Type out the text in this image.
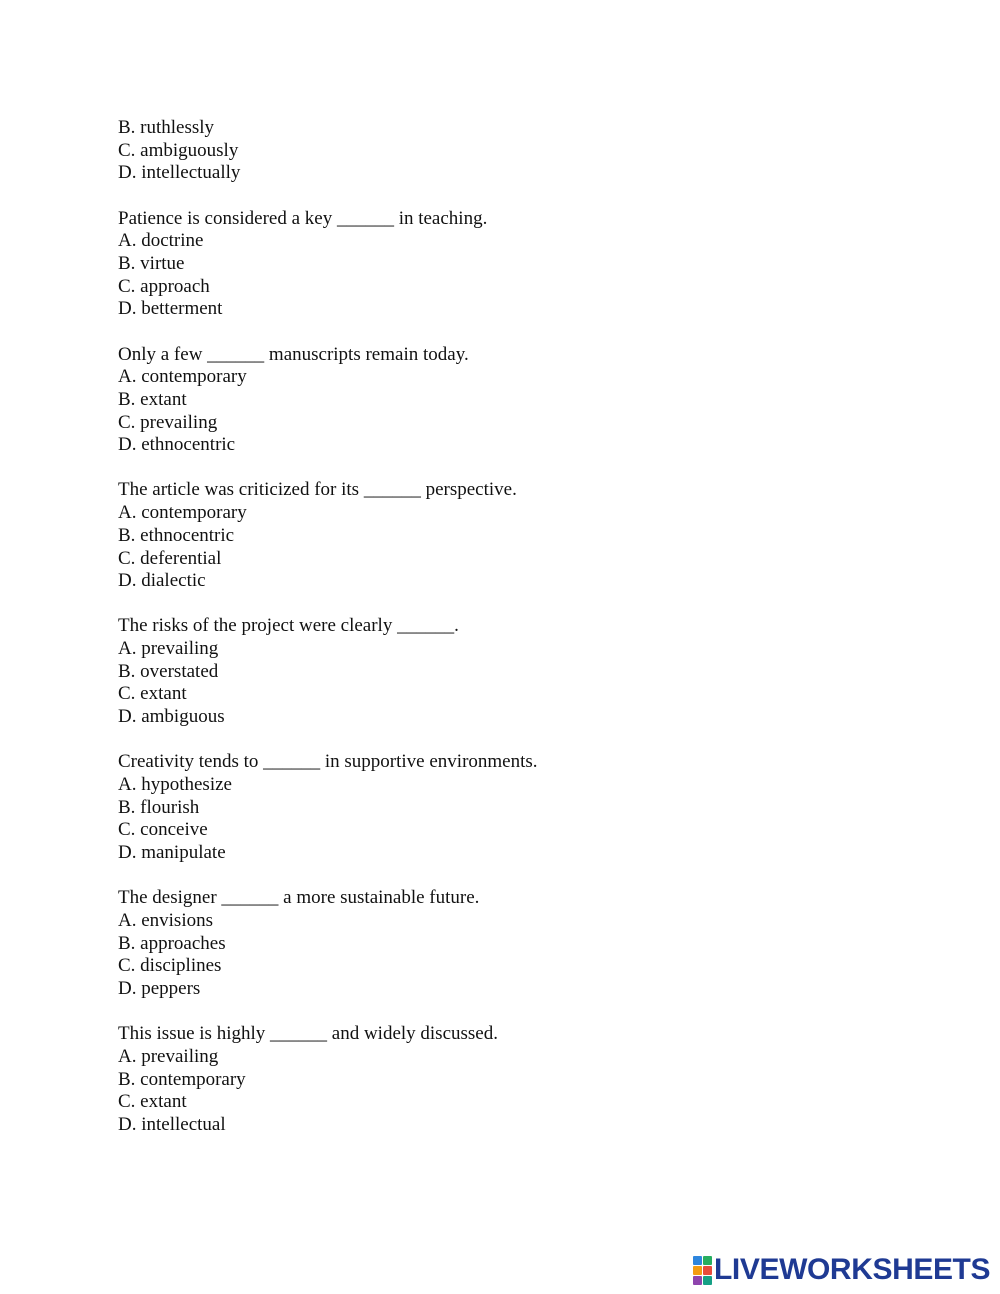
B. ruthlessly
C. ambiguously
D. intellectually
Patience is considered a key ______ in teaching.
A. doctrine
B. virtue
C. approach
D. betterment
Only a few ______ manuscripts remain today.
A. contemporary
B. extant
C. prevailing
D. ethnocentric
The article was criticized for its ______ perspective.
A. contemporary
B. ethnocentric
C. deferential
D. dialectic
The risks of the project were clearly ______.
A. prevailing
B. overstated
C. extant
D. ambiguous
Creativity tends to ______ in supportive environments.
A. hypothesize
B. flourish
C. conceive
D. manipulate
The designer ______ a more sustainable future.
A. envisions
B. approaches
C. disciplines
D. peppers
This issue is highly ______ and widely discussed.
A. prevailing
B. contemporary
C. extant
D. intellectual
LIVEWORKSHEETS
